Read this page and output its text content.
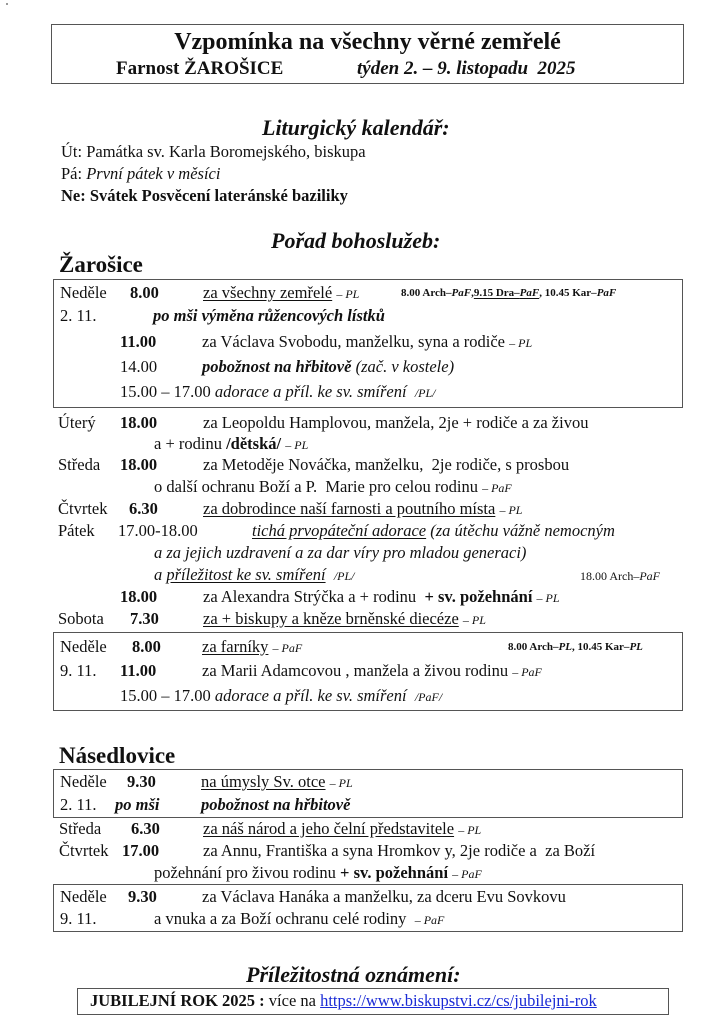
Vzpomínka na všechny věrné zemřelé
Farnost ŽAROŠICE	týden 2. – 9. listopadu  2025
Liturgický kalendář:
Út: Památka sv. Karla Boromejského, biskupa
Pá: První pátek v měsíci
Ne: Svátek Posvěcení lateránské baziliky
Pořad bohoslužeb:
Žarošice
Neděle 8.00	za všechny zemřelé – PL	8.00 Arch–PaF,9.15 Dra–PaF, 10.45 Kar–PaF
2. 11.	po mši výměna růžencových lístků
11.00	za Václava Svobodu, manželku, syna a rodiče – PL
14.00	pobožnost na hřbitově (zač. v kostele)
15.00 – 17.00 adorace a příl. ke sv. smíření /PL/
Úterý 18.00	za Leopoldu Hamplovou, manžela, 2je + rodiče a za živou
a + rodinu /dětská/ – PL
Středa 18.00	za Metoděje Nováčka, manželku,  2je rodiče, s prosbou
o další ochranu Boží a P.  Marie pro celou rodinu – PaF
Čtvrtek 6.30	za dobrodince naší farnosti a poutního místa – PL
Pátek 17.00-18.00	tichá prvopáteční adorace (za útěchu vážně nemocným
a za jejich uzdravení a za dar víry pro mladou generaci)
a příležitost ke sv. smíření /PL/	18.00 Arch–PaF
18.00	za Alexandra Strýčka a + rodinu + sv. požehnání – PL
Sobota 7.30	za + biskupy a kněze brněnské diecéze – PL
Neděle 8.00 za farníky – PaF	8.00 Arch–PL, 10.45 Kar–PL
9. 11. 11.00	za Marii Adamcovou , manžela a živou rodinu – PaF
15.00 – 17.00 adorace a příl. ke sv. smíření /PaF/
Násedlovice
Neděle 9.30	na úmysly Sv. otce – PL
2. 11. po mši	pobožnost na hřbitově
Středa 6.30	za náš národ a jeho čelní představitele – PL
Čtvrtek 17.00	za Annu, Františka a syna Hromkov y, 2je rodiče a  za Boží
požehnání pro živou rodinu + sv. požehnání – PaF
Neděle 9.30	za Václava Hanáka a manželku, za dceru Evu Sovkovu
9. 11.	a vnuka a za Boží ochranu celé rodiny – PaF
Příležitostná oznámení:
JUBILEJNÍ ROK 2025 : více na https://www.biskupstvi.cz/cs/jubilejni-rok
